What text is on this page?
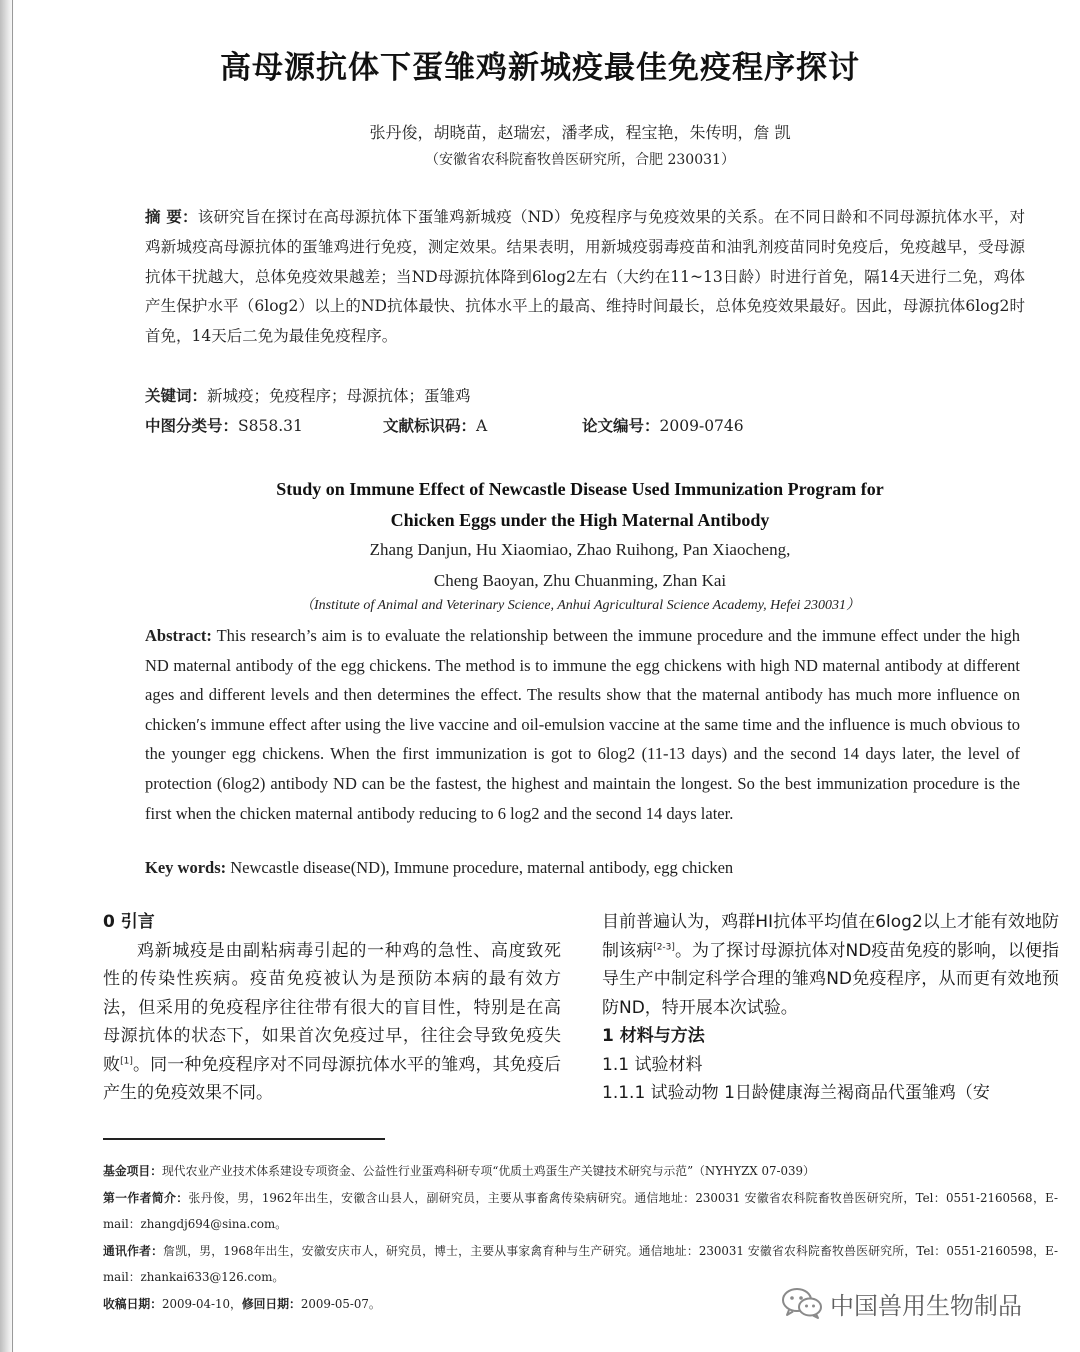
高母源抗体下蛋雏鸡新城疫最佳免疫程序探讨
张丹俊，胡晓苗，赵瑞宏，潘孝成，程宝艳，朱传明，詹 凯
（安徽省农科院畜牧兽医研究所，合肥 230031）
摘 要：该研究旨在探讨在高母源抗体下蛋雏鸡新城疫（ND）免疫程序与免疫效果的关系。在不同日龄和不同母源抗体水平，对鸡新城疫高母源抗体的蛋雏鸡进行免疫，测定效果。结果表明，用新城疫弱毒疫苗和油乳剂疫苗同时免疫后，免疫越早，受母源抗体干扰越大，总体免疫效果越差；当ND母源抗体降到6log2左右（大约在11~13日龄）时进行首免，隔14天进行二免，鸡体产生保护水平（6log2）以上的ND抗体最快、抗体水平上的最高、维持时间最长，总体免疫效果最好。因此，母源抗体6log2时首免，14天后二免为最佳免疫程序。
关键词：新城疫；免疫程序；母源抗体；蛋雏鸡
中图分类号：S858.31	文献标识码：A	论文编号：2009-0746
Study on Immune Effect of Newcastle Disease Used Immunization Program for
Chicken Eggs under the High Maternal Antibody
Zhang Danjun, Hu Xiaomiao, Zhao Ruihong, Pan Xiaocheng,
Cheng Baoyan, Zhu Chuanming, Zhan Kai
（Institute of Animal and Veterinary Science, Anhui Agricultural Science Academy, Hefei 230031）
Abstract: This research’s aim is to evaluate the relationship between the immune procedure and the immune effect under the high ND maternal antibody of the egg chickens. The method is to immune the egg chickens with high ND maternal antibody at different ages and different levels and then determines the effect. The results show that the maternal antibody has much more influence on chicken′s immune effect after using the live vaccine and oil-emulsion vaccine at the same time and the influence is much obvious to the younger egg chickens. When the first immunization is got to 6log2 (11-13 days) and the second 14 days later, the level of protection (6log2) antibody ND can be the fastest, the highest and maintain the longest. So the best immunization procedure is the first when the chicken maternal antibody reducing to 6 log2 and the second 14 days later.
Key words: Newcastle disease(ND), Immune procedure, maternal antibody, egg chicken

0 引言

鸡新城疫是由副粘病毒引起的一种鸡的急性、高度致死性的传染性疾病。疫苗免疫被认为是预防本病的最有效方法，但采用的免疫程序往往带有很大的盲目性，特别是在高母源抗体的状态下，如果首次免疫过早，往往会导致免疫失败[1]。同一种免疫程序对不同母源抗体水平的雏鸡，其免疫后产生的免疫效果不同。

目前普遍认为，鸡群HI抗体平均值在6log2以上才能有效地防制该病[2-3]。为了探讨母源抗体对ND疫苗免疫的影响，以便指导生产中制定科学合理的雏鸡ND免疫程序，从而更有效地预防ND，特开展本次试验。

1 材料与方法

1.1 试验材料

1.1.1 试验动物 1日龄健康海兰褐商品代蛋雏鸡（安

基金项目：现代农业产业技术体系建设专项资金、公益性行业蛋鸡科研专项“优质土鸡蛋生产关键技术研究与示范”（NYHYZX 07-039）

第一作者简介：张丹俊，男，1962年出生，安徽含山县人，副研究员，主要从事畜禽传染病研究。通信地址：230031 安徽省农科院畜牧兽医研究所，Tel：0551-2160568，E-mail：zhangdj694@sina.com。

通讯作者：詹凯，男，1968年出生，安徽安庆市人，研究员，博士，主要从事家禽育种与生产研究。通信地址：230031 安徽省农科院畜牧兽医研究所，Tel：0551-2160598，E-mail：zhankai633@126.com。

收稿日期：2009-04-10，修回日期：2009-05-07。	中国兽用生物制品
